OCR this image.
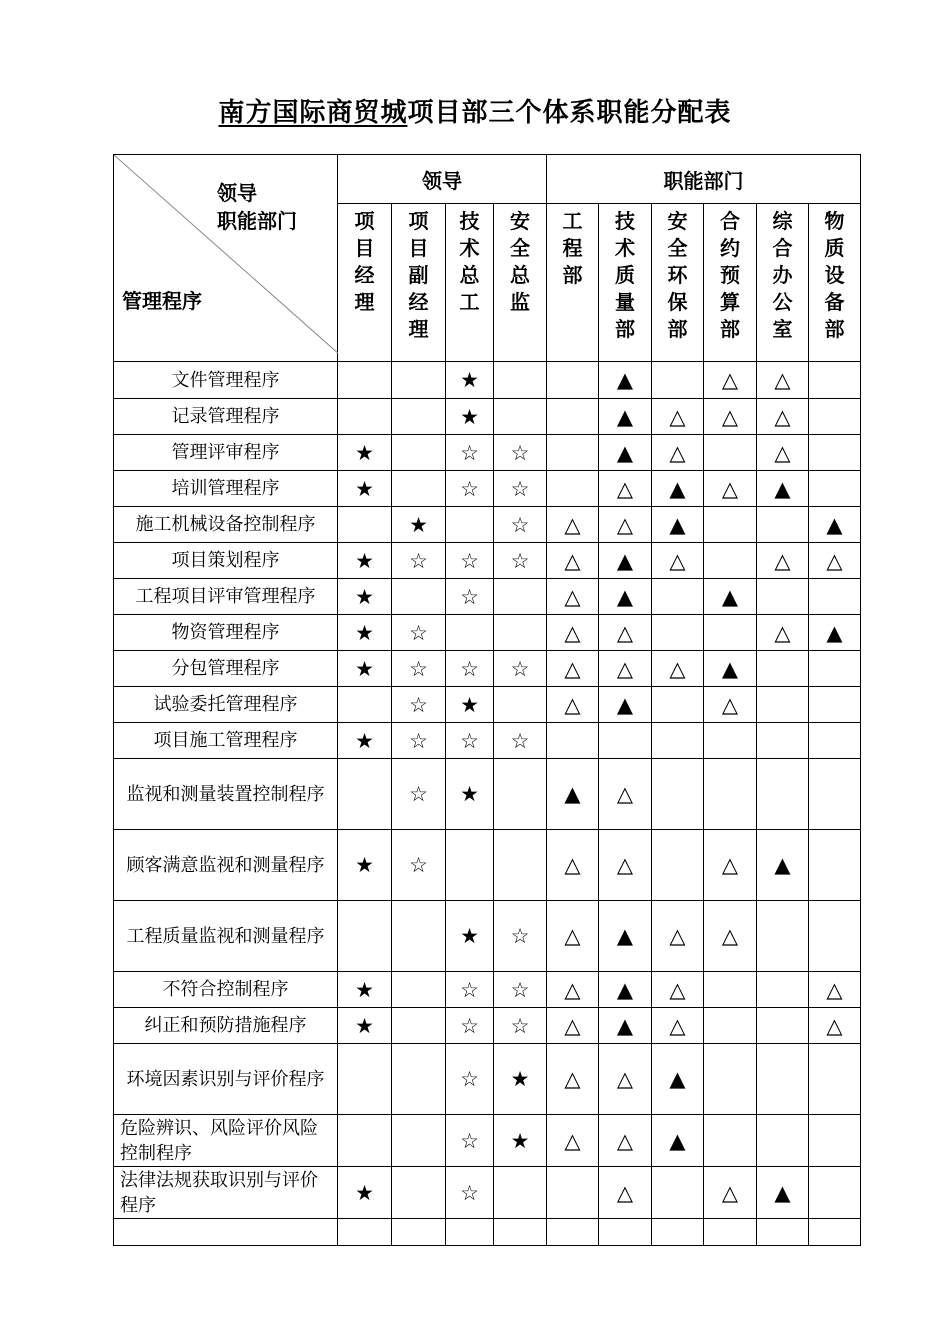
南方国际商贸城项目部三个体系职能分配表
领导
职能部门
管理程序	领导				职能部门					
	项目经理	项目副经理	技术总工	安全总监	工程部	技术质量部	安全环保部	合约预算部	综合办公室	物质设备部
文件管理程序			★			▲		△	△	
记录管理程序			★			▲	△	△	△	
管理评审程序	★		☆	☆		▲	△		△	
培训管理程序	★		☆	☆		△	▲	△	▲	
施工机械设备控制程序		★		☆	△	△	▲			▲
项目策划程序	★	☆	☆	☆	△	▲	△		△	△
工程项目评审管理程序	★		☆		△	▲		▲		
物资管理程序	★	☆			△	△			△	▲
分包管理程序	★	☆	☆	☆	△	△	△	▲		
试验委托管理程序		☆	★		△	▲		△		
项目施工管理程序	★	☆	☆	☆						
监视和测量装置控制程序		☆	★		▲	△				
顾客满意监视和测量程序	★	☆			△	△		△	▲	
工程质量监视和测量程序			★	☆	△	▲	△	△		
不符合控制程序	★		☆	☆	△	▲	△			△
纠正和预防措施程序	★		☆	☆	△	▲	△			△
环境因素识别与评价程序			☆	★	△	△	▲			
危险辨识、风险评价风险控制程序			☆	★	△	△	▲			
法律法规获取识别与评价程序	★		☆			△		△	▲	
